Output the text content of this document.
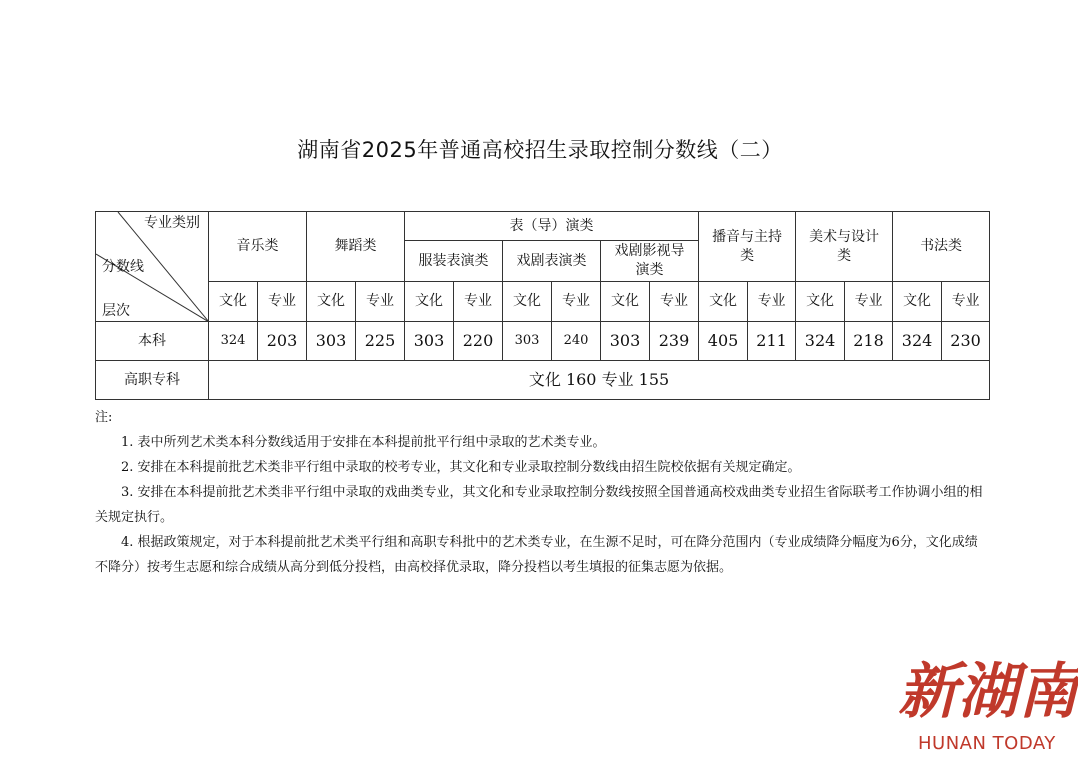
湖南省2025年普通高校招生录取控制分数线（二）
专业类别
分数线
层次	音乐类		舞蹈类		表（导）演类						播音与主持类		美术与设计类		书法类	
					服装表演类		戏剧表演类		戏剧影视导演类							
	文化	专业	文化	专业	文化	专业	文化	专业	文化	专业	文化	专业	文化	专业	文化	专业
本科	324	203	303	225	303	220	303	240	303	239	405	211	324	218	324	230
高职专科	文化 160 专业 155															

注:

1. 表中所列艺术类本科分数线适用于安排在本科提前批平行组中录取的艺术类专业。

2. 安排在本科提前批艺术类非平行组中录取的校考专业，其文化和专业录取控制分数线由招生院校依据有关规定确定。

3. 安排在本科提前批艺术类非平行组中录取的戏曲类专业，其文化和专业录取控制分数线按照全国普通高校戏曲类专业招生省际联考工作协调小组的相关规定执行。

4. 根据政策规定，对于本科提前批艺术类平行组和高职专科批中的艺术类专业，在生源不足时，可在降分范围内（专业成绩降分幅度为6分，文化成绩不降分）按考生志愿和综合成绩从高分到低分投档，由高校择优录取，降分投档以考生填报的征集志愿为依据。

新湖南
HUNAN TODAY
